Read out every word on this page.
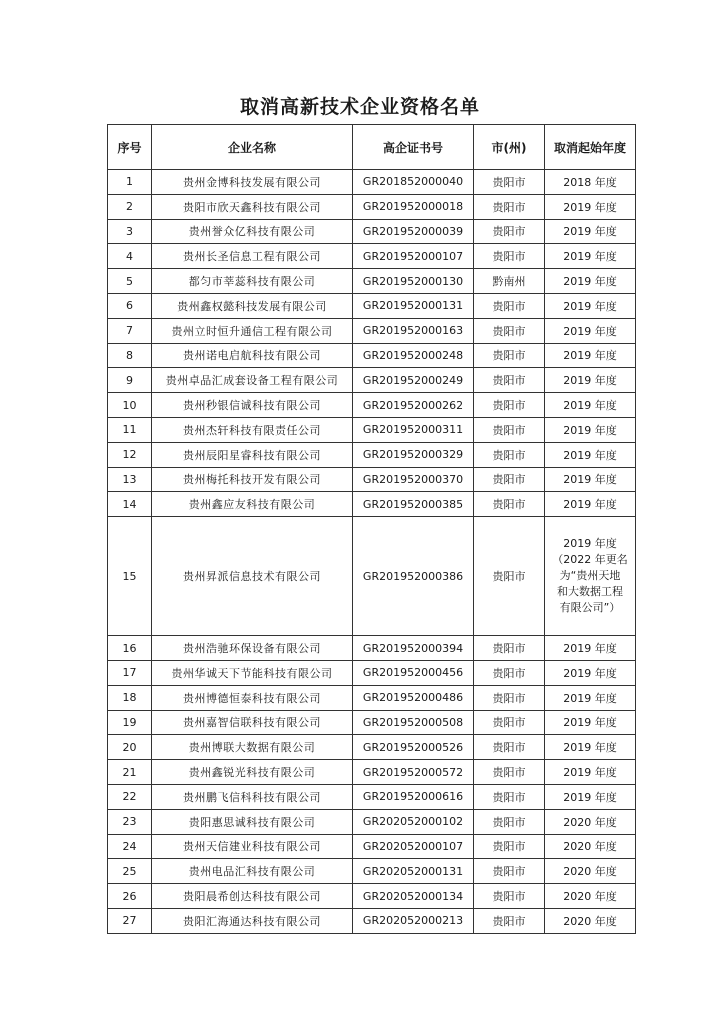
取消高新技术企业资格名单
序号	企业名称	高企证书号	市(州)	取消起始年度
1	贵州金博科技发展有限公司	GR201852000040	贵阳市	2018 年度
2	贵阳市欣天鑫科技有限公司	GR201952000018	贵阳市	2019 年度
3	贵州誉众亿科技有限公司	GR201952000039	贵阳市	2019 年度
4	贵州长圣信息工程有限公司	GR201952000107	贵阳市	2019 年度
5	都匀市莘蕊科技有限公司	GR201952000130	黔南州	2019 年度
6	贵州鑫权懿科技发展有限公司	GR201952000131	贵阳市	2019 年度
7	贵州立时恒升通信工程有限公司	GR201952000163	贵阳市	2019 年度
8	贵州诺电启航科技有限公司	GR201952000248	贵阳市	2019 年度
9	贵州卓品汇成套设备工程有限公司	GR201952000249	贵阳市	2019 年度
10	贵州秒银信诚科技有限公司	GR201952000262	贵阳市	2019 年度
11	贵州杰轩科技有限责任公司	GR201952000311	贵阳市	2019 年度
12	贵州辰阳星睿科技有限公司	GR201952000329	贵阳市	2019 年度
13	贵州梅托科技开发有限公司	GR201952000370	贵阳市	2019 年度
14	贵州鑫应友科技有限公司	GR201952000385	贵阳市	2019 年度
15	贵州昇派信息技术有限公司	GR201952000386	贵阳市	2019 年度
（2022 年更名
为“贵州天地
和大数据工程
有限公司”）

16	贵州浩驰环保设备有限公司	GR201952000394	贵阳市	2019 年度
17	贵州华诚天下节能科技有限公司	GR201952000456	贵阳市	2019 年度
18	贵州博德恒泰科技有限公司	GR201952000486	贵阳市	2019 年度
19	贵州嘉智信联科技有限公司	GR201952000508	贵阳市	2019 年度
20	贵州博联大数据有限公司	GR201952000526	贵阳市	2019 年度
21	贵州鑫锐光科技有限公司	GR201952000572	贵阳市	2019 年度
22	贵州鹏飞信科科技有限公司	GR201952000616	贵阳市	2019 年度
23	贵阳惠思诚科技有限公司	GR202052000102	贵阳市	2020 年度
24	贵州天信建业科技有限公司	GR202052000107	贵阳市	2020 年度
25	贵州电品汇科技有限公司	GR202052000131	贵阳市	2020 年度
26	贵阳晨希创达科技有限公司	GR202052000134	贵阳市	2020 年度
27	贵阳汇海通达科技有限公司	GR202052000213	贵阳市	2020 年度
